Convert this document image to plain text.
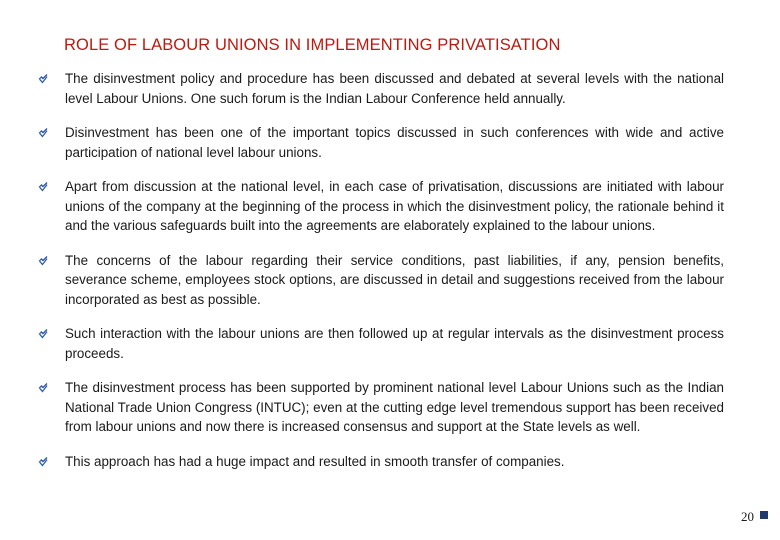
ROLE OF LABOUR UNIONS IN IMPLEMENTING PRIVATISATION
The disinvestment policy and procedure has been discussed and debated at several levels with the national level Labour Unions. One such forum is the Indian Labour Conference held annually.
Disinvestment has been one of the important topics discussed in such conferences with wide and active participation of national level labour unions.
Apart from discussion at the national level, in each case of privatisation, discussions are initiated with labour unions of the company at the beginning of the process in which the disinvestment policy, the rationale behind it and the various safeguards built into the agreements are elaborately explained to the labour unions.
The concerns of the labour regarding their service conditions, past liabilities, if any, pension benefits, severance scheme, employees stock options, are discussed in detail and suggestions received from the labour incorporated as best as possible.
Such interaction with the labour unions are then followed up at regular intervals as the disinvestment process proceeds.
The disinvestment process has been supported by prominent national level Labour Unions such as the Indian National Trade Union Congress (INTUC); even at the cutting edge level tremendous support has been received from labour unions and now there is increased consensus and support at the State levels as well.
This approach has had a huge impact and resulted in smooth transfer of companies.
20
